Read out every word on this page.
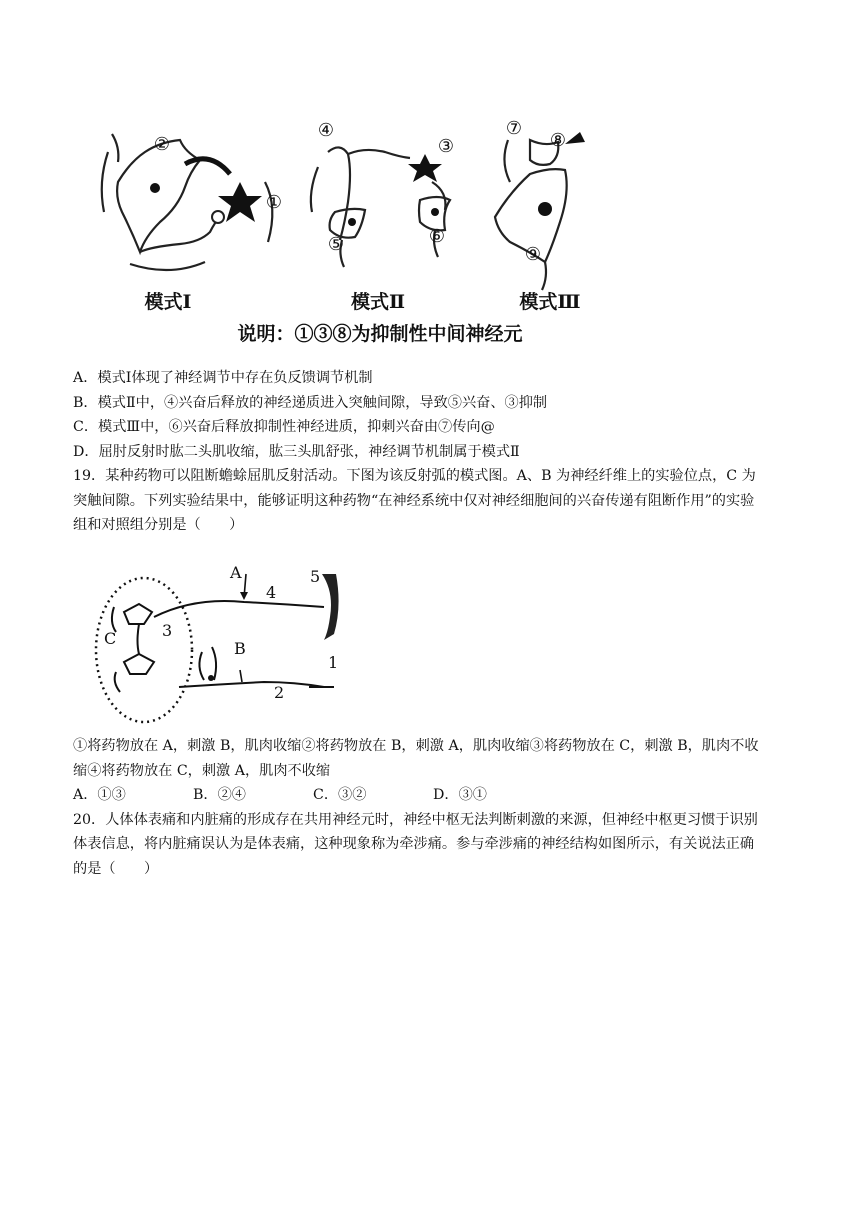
②
①
④
③
⑤	⑥
⑦
⑧
⑨
模式Ⅰ	模式Ⅱ	模式Ⅲ
说明：①③⑧为抑制性中间神经元
A．模式Ⅰ体现了神经调节中存在负反馈调节机制
B．模式Ⅱ中，④兴奋后释放的神经递质进入突触间隙，导致⑤兴奋、③抑制
C．模式Ⅲ中，⑥兴奋后释放抑制性神经进质，抑刺兴奋由⑦传向@
D．屈肘反射时肱二头肌收缩，肱三头肌舒张，神经调节机制属于模式Ⅱ
19．某种药物可以阻断蟾蜍屈肌反射活动。下图为该反射弧的模式图。A、B 为神经纤维上的实验位点，C 为
突触间隙。下列实验结果中，能够证明这种药物“在神经系统中仅对神经细胞间的兴奋传递有阻断作用”的实验
组和对照组分别是（　　）
A
4
5
C	3
B
1
2
①将药物放在 A，刺激 B，肌肉收缩②将药物放在 B，刺激 A，肌肉收缩③将药物放在 C，刺激 B，肌肉不收
缩④将药物放在 C，刺激 A，肌肉不收缩
A．①③	B．②④	C．③②	D．③①
20．人体体表痛和内脏痛的形成存在共用神经元时，神经中枢无法判断刺激的来源，但神经中枢更习惯于识别
体表信息，将内脏痛误认为是体表痛，这种现象称为牵涉痛。参与牵涉痛的神经结构如图所示，有关说法正确
的是（　　）
